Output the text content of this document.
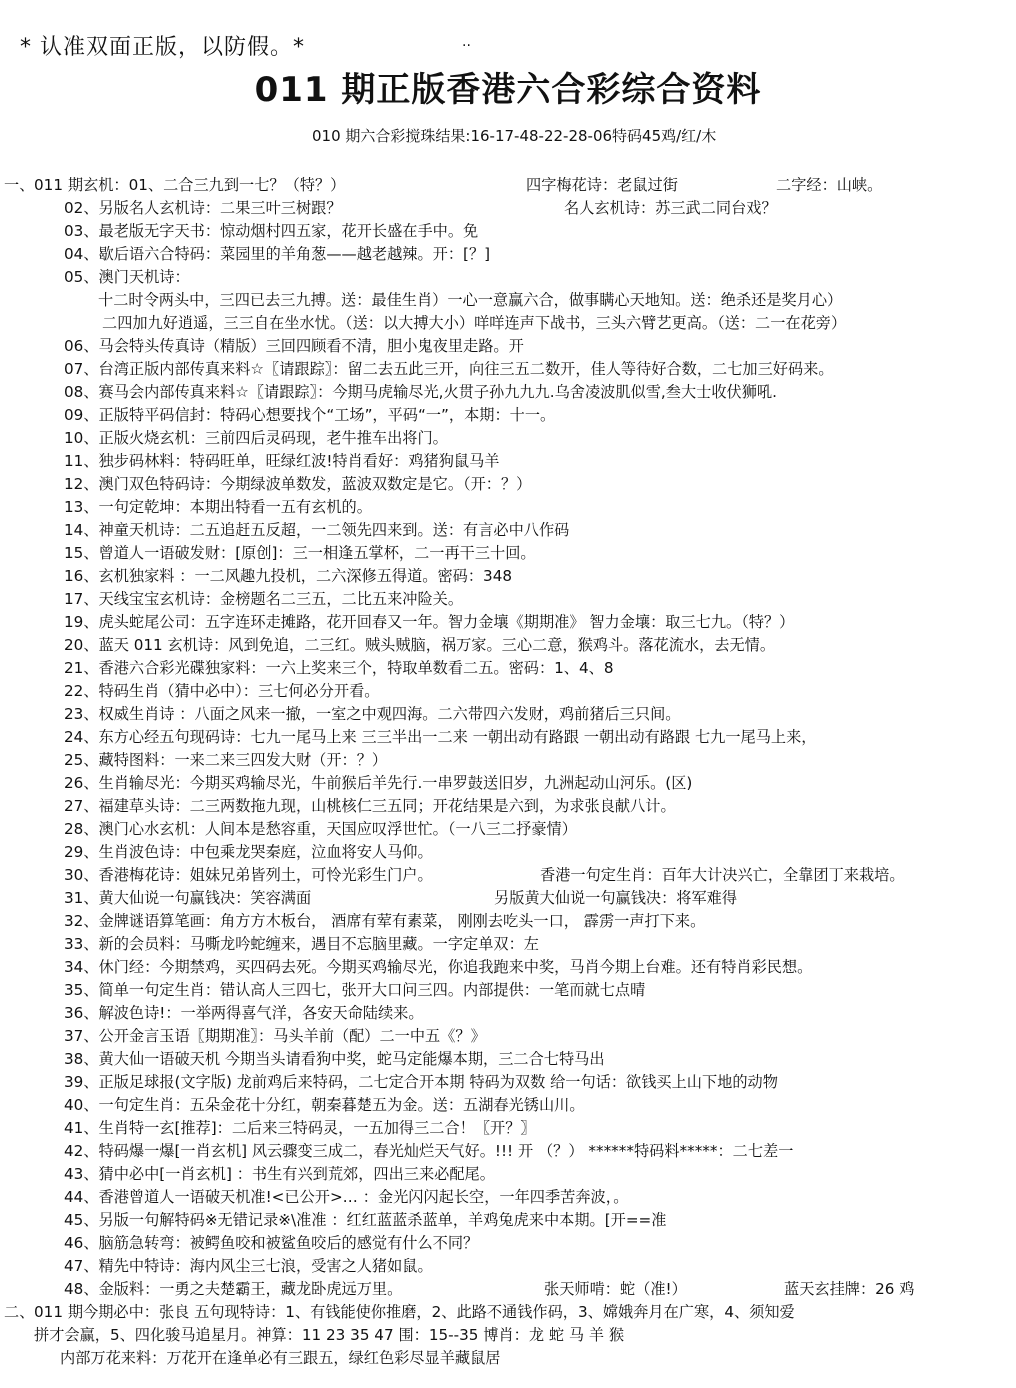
* 认准双面正版，以防假。*	..
011 期正版香港六合彩综合资料
010 期六合彩搅珠结果:16-17-48-22-28-06特码45鸡/红/木
一、 011 期玄机：01、二合三九到一七？（特？）	四字梅花诗：老鼠过街	二字经：山峡。
02、另版名人玄机诗：二果三叶三树跟？	名人玄机诗：苏三武二同台戏？
03、最老版无字天书：惊动烟村四五家，花开长盛在手中。免
04、歇后语六合特码：菜园里的羊角葱——越老越辣。开：[？]
05、澳门天机诗：
十二时令两头中，三四已去三九搏。送：最佳生肖）一心一意赢六合，做事瞒心天地知。送：绝杀还是奖月心）
二四加九好逍遥，三三自在坐水忧。（送：以大搏大小）咩咩连声下战书，三头六臂艺更高。（送：二一在花旁）
06、马会特头传真诗（精版）三回四顾看不清，胆小鬼夜里走路。开
07、台湾正版内部传真来料☆〖请跟踪〗：留二去五此三开，向往三五二数开，佳人等待好合数，二七加三好码来。
08、赛马会内部传真来料☆〖请跟踪〗：今期马虎输尽光,火贯子孙九九九.乌舍凌波肌似雪,叁大士收伏狮吼.
09、正版特平码信封：特码心想要找个“工场”，平码“一”，本期：十一。
10、正版火烧玄机：三前四后灵码现，老牛推车出将门。
11、独步码林料：特码旺单，旺绿红波!特肖看好：鸡猪狗鼠马羊
12、澳门双色特码诗：今期绿波单数发，蓝波双数定是它。（开：？）
13、一句定乾坤：本期出特看一五有玄机的。
14、神童天机诗：二五追赶五反超，一二领先四来到。送：有言必中八作码
15、曾道人一语破发财：[原创]：三一相逢五掌杯，二一再干三十回。
16、玄机独家料 ：一二风趣九投机，二六深修五得道。密码：348
17、天线宝宝玄机诗：金榜题名二三五，二比五来冲险关。
19、虎头蛇尾公司：五字连环走摊路，花开回春又一年。智力金壤《期期准》 智力金壤：取三七九。（特？）
20、蓝天 011 玄机诗：风到免追，二三红。贼头贼脑，祸万家。三心二意，猴鸡斗。落花流水，去无情。
21、香港六合彩光碟独家料：一六上奖来三个，特取单数看二五。密码：1、4、8
22、特码生肖（猜中必中）：三七何必分开看。
23、权威生肖诗 ：八面之风来一撤，一室之中观四海。二六带四六发财，鸡前猪后三只间。
24、东方心经五句现码诗：七九一尾马上来 三三半出一二来 一朝出动有路跟 一朝出动有路跟 七九一尾马上来，
25、藏特图料：一来二来三四发大财（开：？）
26、生肖输尽光：今期买鸡输尽光，牛前猴后羊先行.一串罗鼓送旧岁，九洲起动山河乐。(区)
27、福建草头诗：二三两数拖九现，山桃核仁三五同；开花结果是六到，为求张良献八计。
28、澳门心水玄机：人间本是愁容重，天国应叹浮世忙。（一八三二抒豪情）
29、生肖波色诗：中包乘龙哭秦庭，泣血将安人马仰。
30、香港梅花诗：姐妹兄弟皆列土，可怜光彩生门户。	香港一句定生肖：百年大计决兴亡，全靠团丁来栽培。
31、黄大仙说一句赢钱决：笑容满面	另版黄大仙说一句赢钱决：将军难得
32、金牌谜语算笔画：角方方木板台， 酒席有荤有素菜， 刚刚去吃头一口， 霹雳一声打下来。
33、新的会员料：马嘶龙吟蛇缠来，遇目不忘脑里藏。一字定单双：左
34、休门经：今期禁鸡，买四码去死。今期买鸡输尽光，你追我跑来中奖，马肖今期上台难。还有特肖彩民想。
35、简单一句定生肖：错认高人三四七，张开大口问三四。内部提供：一笔而就七点晴
36、解波色诗!：一举两得喜气洋，各安天命陆续来。
37、公开金言玉语〖期期准〗：马头羊前（配）二一中五《？》
38、黄大仙一语破天机 今期当头请看狗中奖，蛇马定能爆本期，三二合七特马出
39、正版足球报(文字版) 龙前鸡后来特码，二七定合开本期 特码为双数 给一句话：欲钱买上山下地的动物
40、一句定生肖：五朵金花十分红，朝秦暮楚五为金。送：五湖春光锈山川。
41、生肖特一玄[推荐]：二后来三特码灵，一五加得三二合！〖开？〗
42、特码爆一爆[一肖玄机] 风云骤变三成二，春光灿烂天气好。!!! 开 （？） ******特码料*****：二七差一
43、猜中必中[一肖玄机] ：书生有兴到荒郊，四出三来必配尾。
44、香港曾道人一语破天机准!<已公开>… ：金光闪闪起长空，一年四季苦奔波，。
45、另版一句解特码※无错记录※\准准 ：红红蓝蓝杀蓝单，羊鸡兔虎来中本期。[开==准
46、脑筋急转弯：被鳄鱼咬和被鲨鱼咬后的感觉有什么不同？
47、精先中特诗：海内风尘三七浪，受害之人猪如鼠。
48、金版料：一勇之夫楚霸王，藏龙卧虎远万里。	张天师啃：蛇（准!）	蓝天玄挂牌：26 鸡
二、 011 期今期必中：张良 五句现特诗：1、有钱能使你推磨，2、此路不通钱作码，3、嫦娥奔月在广寒，4、须知爱
拼才会赢，5、四化骏马追星月。神算：11 23 35 47 围：15--35 博肖：龙 蛇 马 羊 猴
内部万花来料：万花开在逢单必有三跟五，绿红色彩尽显羊藏鼠居
